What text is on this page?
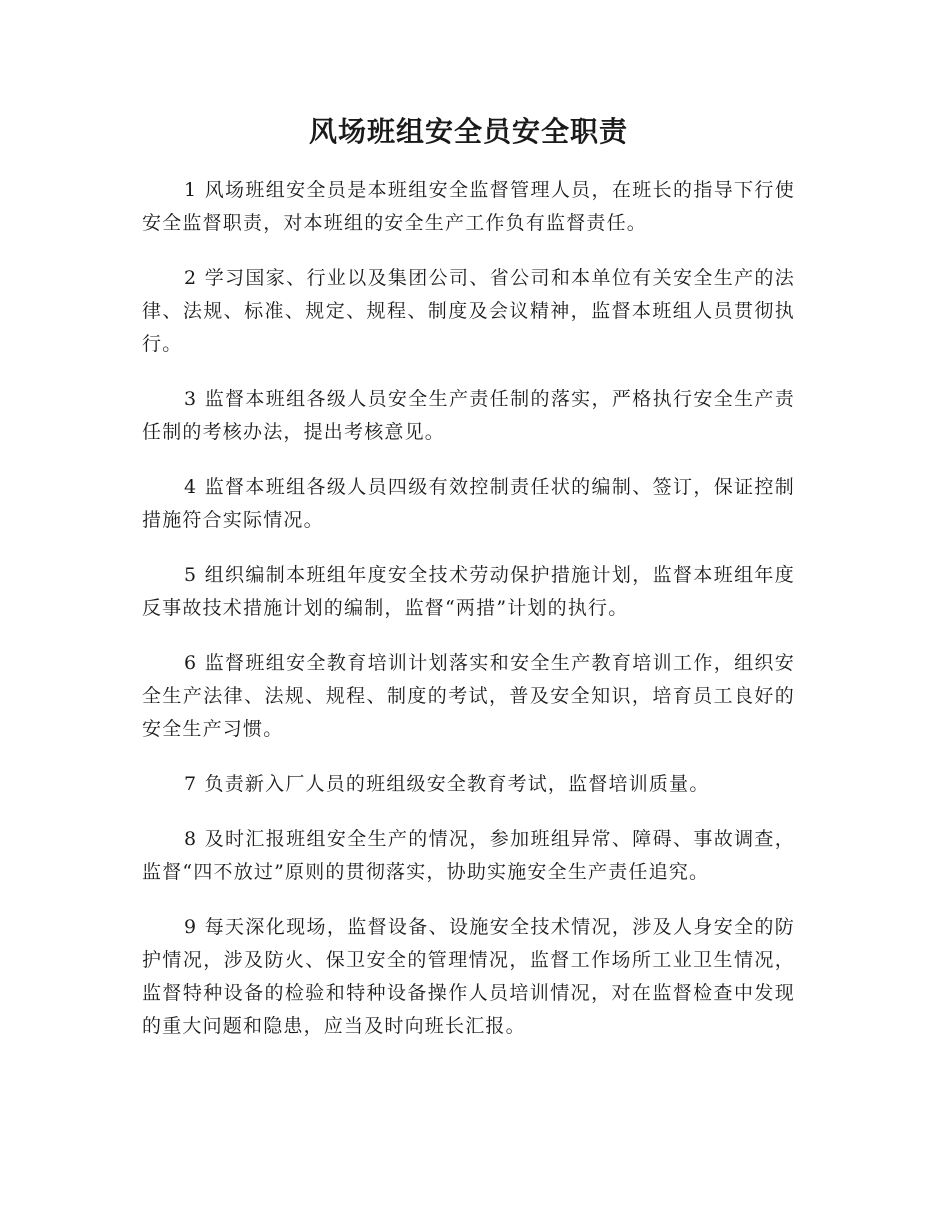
风场班组安全员安全职责

1 风场班组安全员是本班组安全监督管理人员，在班长的指导下行使安全监督职责，对本班组的安全生产工作负有监督责任。

2 学习国家、行业以及集团公司、省公司和本单位有关安全生产的法律、法规、标准、规定、规程、制度及会议精神，监督本班组人员贯彻执行。

3 监督本班组各级人员安全生产责任制的落实，严格执行安全生产责任制的考核办法，提出考核意见。

4 监督本班组各级人员四级有效控制责任状的编制、签订，保证控制措施符合实际情况。

5 组织编制本班组年度安全技术劳动保护措施计划，监督本班组年度反事故技术措施计划的编制，监督“两措”计划的执行。

6 监督班组安全教育培训计划落实和安全生产教育培训工作，组织安全生产法律、法规、规程、制度的考试，普及安全知识，培育员工良好的安全生产习惯。

7 负责新入厂人员的班组级安全教育考试，监督培训质量。

8 及时汇报班组安全生产的情况，参加班组异常、障碍、事故调查，监督“四不放过”原则的贯彻落实，协助实施安全生产责任追究。

9 每天深化现场，监督设备、设施安全技术情况，涉及人身安全的防护情况，涉及防火、保卫安全的管理情况，监督工作场所工业卫生情况，监督特种设备的检验和特种设备操作人员培训情况，对在监督检查中发现的重大问题和隐患，应当及时向班长汇报。
